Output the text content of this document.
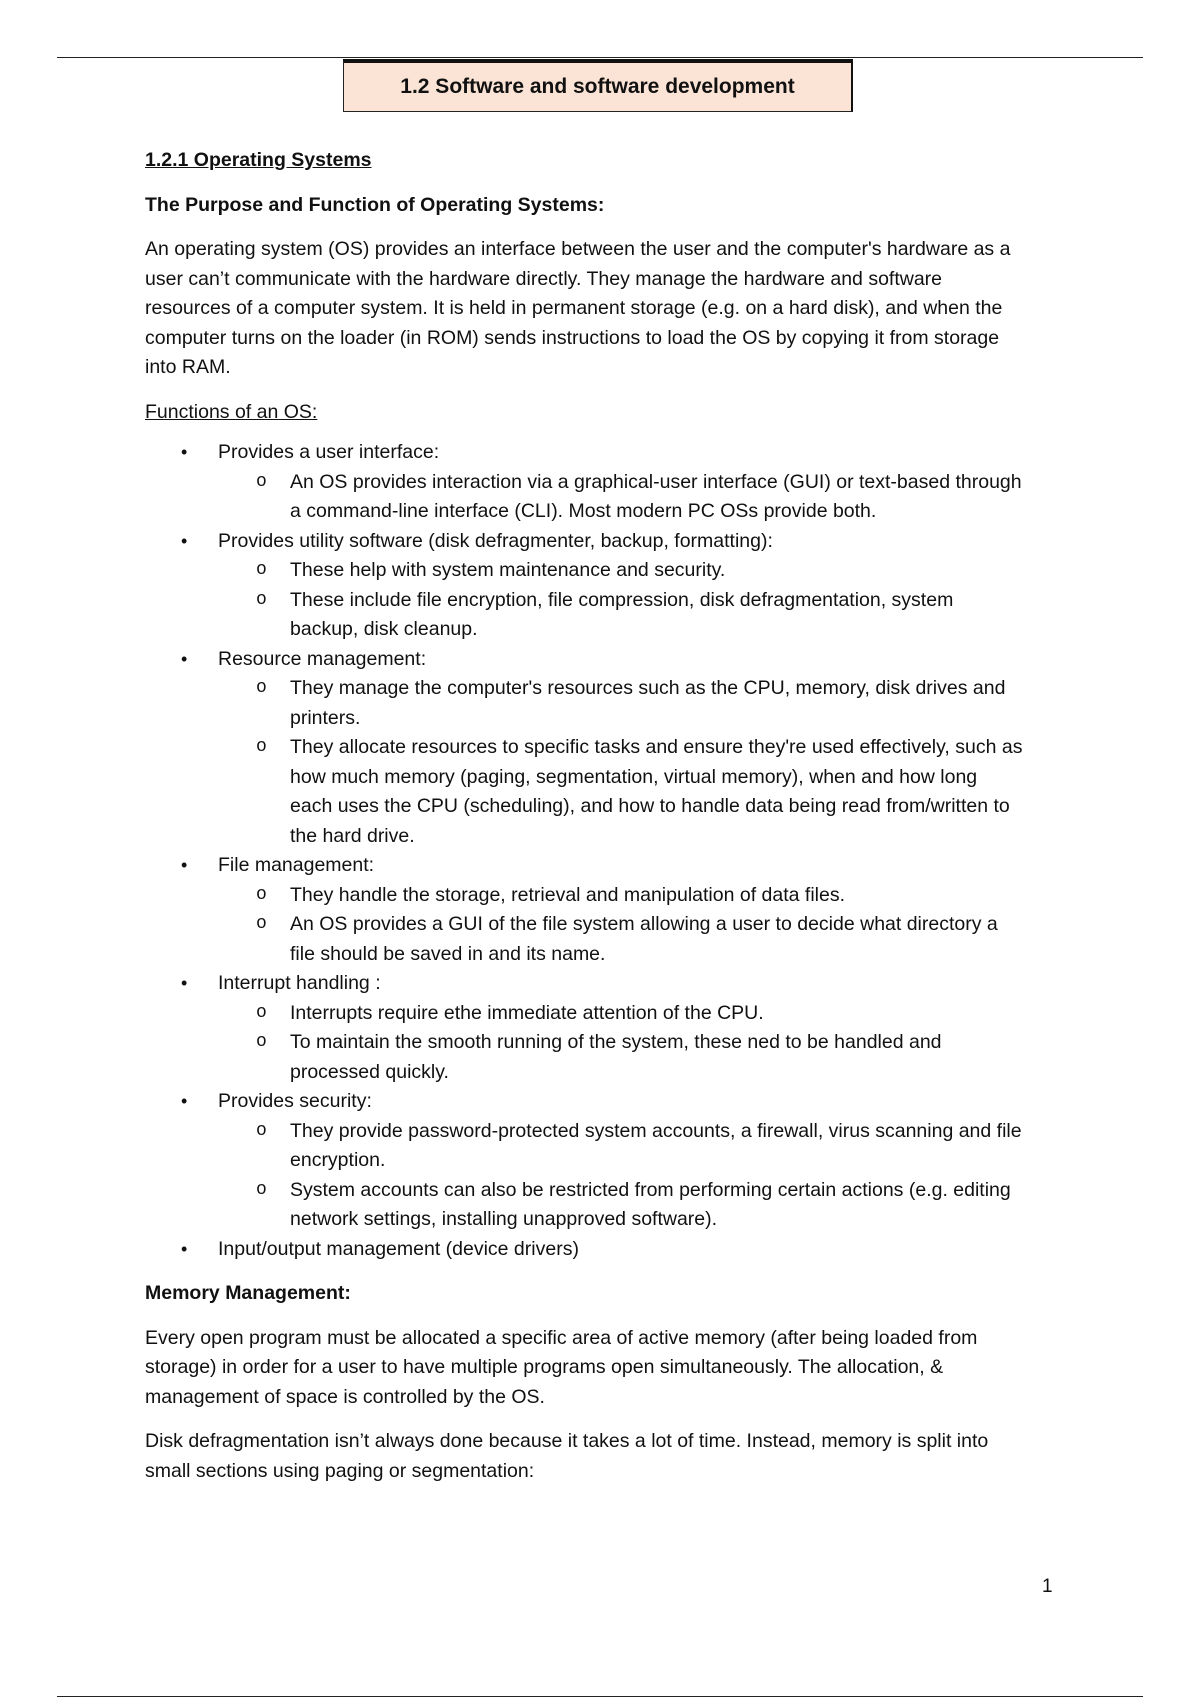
1.2 Software and software development

1.2.1 Operating Systems

The Purpose and Function of Operating Systems:

An operating system (OS) provides an interface between the user and the computer's hardware as a
user can’t communicate with the hardware directly. They manage the hardware and software
resources of a computer system. It is held in permanent storage (e.g. on a hard disk), and when the
computer turns on the loader (in ROM) sends instructions to load the OS by copying it from storage
into RAM.

Functions of an OS:

• Provides a user interface:
o An OS provides interaction via a graphical-user interface (GUI) or text-based through
a command-line interface (CLI). Most modern PC OSs provide both.
• Provides utility software (disk defragmenter, backup, formatting):
o These help with system maintenance and security.
o These include file encryption, file compression, disk defragmentation, system
backup, disk cleanup.
• Resource management:
o They manage the computer's resources such as the CPU, memory, disk drives and
printers.
o They allocate resources to specific tasks and ensure they're used effectively, such as
how much memory (paging, segmentation, virtual memory), when and how long
each uses the CPU (scheduling), and how to handle data being read from/written to
the hard drive.
• File management:
o They handle the storage, retrieval and manipulation of data files.
o An OS provides a GUI of the file system allowing a user to decide what directory a
file should be saved in and its name.
• Interrupt handling :
o Interrupts require ethe immediate attention of the CPU.
o To maintain the smooth running of the system, these ned to be handled and
processed quickly.
• Provides security:
o They provide password-protected system accounts, a firewall, virus scanning and file
encryption.
o System accounts can also be restricted from performing certain actions (e.g. editing
network settings, installing unapproved software).
• Input/output management (device drivers)

Memory Management:

Every open program must be allocated a specific area of active memory (after being loaded from
storage) in order for a user to have multiple programs open simultaneously. The allocation, &
management of space is controlled by the OS.

Disk defragmentation isn’t always done because it takes a lot of time. Instead, memory is split into
small sections using paging or segmentation:

1
